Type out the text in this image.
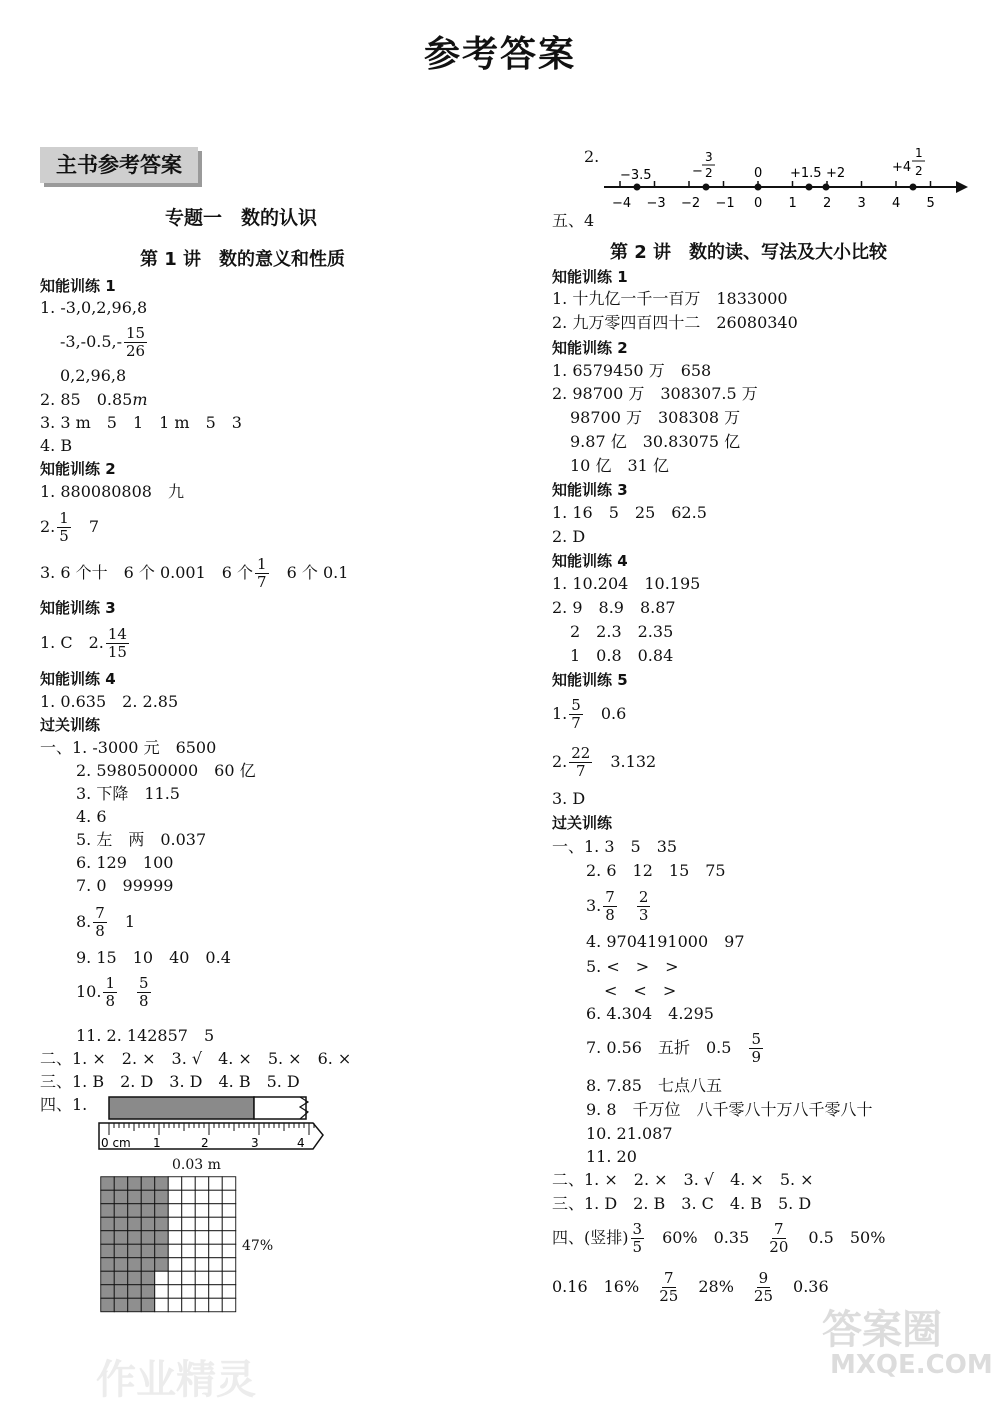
参考答案
主书参考答案
专题一　数的认识
第 1 讲　数的意义和性质
知能训练 1
1. -3,0,2,96,8
$-3,-0.5,- \frac{15}{26}$
0,2,96,8
2. 85　0.85m
3. 3 m　5　1　1 m　5　3
4. B
知能训练 2
1. 880080808　九
2. $\frac{1}{5}$
　 7
3. 6 个十　6 个 0.001　6 个 $\frac{1}{7}$
　 6 个 0.1
知能训练 3
1. C　2. $\frac{14}{15}$
知能训练 4
1. 0.635　2. 2.85
过关训练
一、1. -3000 元　6500
2. 5980500000　60 亿
3. 下降　11.5
4. 6
5. 左　两　0.037
6. 129　100
7. 0　99999
8. $\frac{7}{8}$
　 1
9. 15　10　40　0.4
10. $\frac{1}{8}$
　 $\frac{5}{8}$
11. 2. 142857　5
二、1. ×　2. ×　3. √　4. ×　5. ×　6. ×
三、1. B　2. D　3. D　4. B　5. D
四、1.
0 cm 1	2	3	4
0.03 m
47%
2.
−4 −3 −2 −1 0 1 2 3 4 5
−3.5	−
3
2	0 +1.5 +2	+4
1
2
五、4
第 2 讲　数的读、写法及大小比较
知能训练 1
1. 十九亿一千一百万　1833000
2. 九万零四百四十二　26080340
知能训练 2
1. 6579450 万　658
2. 98700 万　308307.5 万
98700 万　308308 万
9.87 亿　30.83075 亿
10 亿　31 亿
知能训练 3
1. 16　5　25　62.5
2. D
知能训练 4
1. 10.204　10.195
2. 9　8.9　8.87
2　2.3　2.35
1　0.8　0.84
知能训练 5
1. $\frac{5}{7}$
　 0.6
2. $\frac{22}{7}$
　 3.132
3. D
过关训练
一、1. 3　5　35
2. 6　12　15　75
3. $\frac{7}{8}$
　 $\frac{2}{3}$
4. 9704191000　97
5. <　>　>
<　<　>
6. 4.304　4.295
7. 0.56　五折　0.5　 $\frac{5}{9}$
8. 7.85　七点八五
9. 8　千万位　八千零八十万八千零八十
10. 21.087
11. 20
二、1. ×　2. ×　3. √　4. ×　5. ×
三、1. D　2. B　3. C　4. B　5. D
四、(竖排) $\frac{3}{5}$
　 60%　0.35　 $\frac{7}{20}$
　 0.5　50%
0.16　16%　 $\frac{7}{25}$
　 28%　 $\frac{9}{25}$
　 0.36
答案圈
MXQE.COM
作业精灵
